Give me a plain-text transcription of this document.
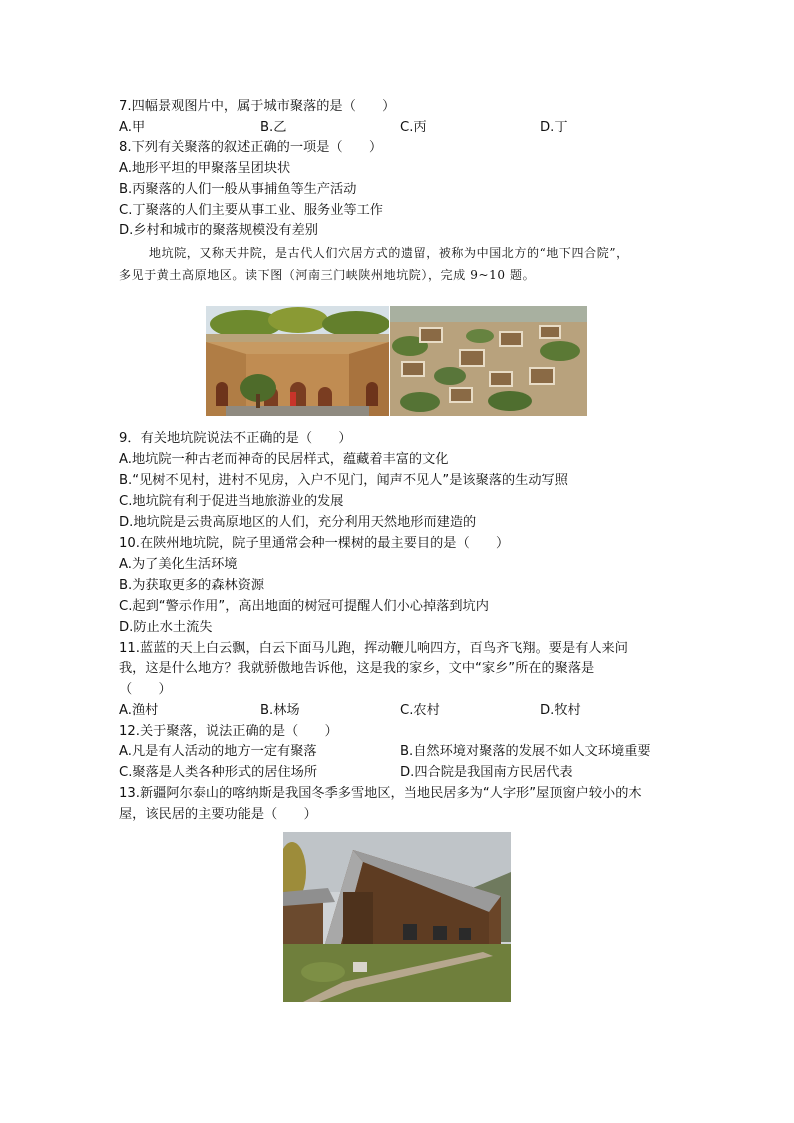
7.四幅景观图片中，属于城市聚落的是（　　）
A.甲	B.乙	C.丙	D.丁
8.下列有关聚落的叙述正确的一项是（　　）
A.地形平坦的甲聚落呈团块状
B.丙聚落的人们一般从事捕鱼等生产活动
C.丁聚落的人们主要从事工业、服务业等工作
D.乡村和城市的聚落规模没有差别
地坑院，又称天井院，是古代人们穴居方式的遗留，被称为中国北方的“地下四合院”，
多见于黄土高原地区。读下图（河南三门峡陕州地坑院），完成 9~10 题。
9．有关地坑院说法不正确的是（　　）
A.地坑院一种古老而神奇的民居样式，蕴藏着丰富的文化
B.“见树不见村，进村不见房，入户不见门，闻声不见人”是该聚落的生动写照
C.地坑院有利于促进当地旅游业的发展
D.地坑院是云贵高原地区的人们，充分利用天然地形而建造的
10.在陕州地坑院，院子里通常会种一棵树的最主要目的是（　　）
A.为了美化生活环境
B.为获取更多的森林资源
C.起到“警示作用”，高出地面的树冠可提醒人们小心掉落到坑内
D.防止水土流失
11.蓝蓝的天上白云飘，白云下面马儿跑，挥动鞭儿响四方，百鸟齐飞翔。要是有人来问
我，这是什么地方？我就骄傲地告诉他，这是我的家乡，文中“家乡”所在的聚落是
（　　）
A.渔村	B.林场	C.农村	D.牧村
12.关于聚落，说法正确的是（　　）
A.凡是有人活动的地方一定有聚落	B.自然环境对聚落的发展不如人文环境重要
C.聚落是人类各种形式的居住场所	D.四合院是我国南方民居代表
13.新疆阿尔泰山的喀纳斯是我国冬季多雪地区，当地民居多为“人字形”屋顶窗户较小的木
屋，该民居的主要功能是（　　）
